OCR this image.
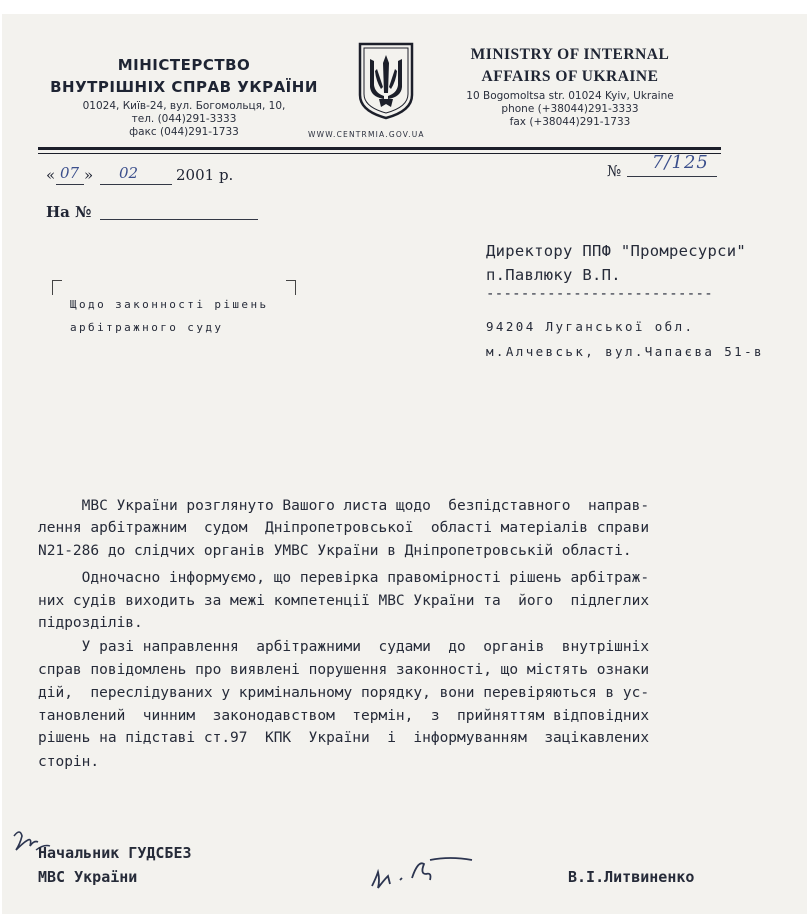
МІНІСТЕРСТВО
ВНУТРІШНІХ СПРАВ УКРАЇНИ
01024, Київ-24, вул. Богомольця, 10,
тел. (044)291-3333
факс (044)291-1733
MINISTRY OF INTERNAL
AFFAIRS OF UKRAINE
10 Bogomoltsa str. 01024 Kyiv, Ukraine
phone (+38044)291-3333
fax (+38044)291-1733
WWW.CENTRMIA.GOV.UA
« 07 » 02	2001 р.	№ 7/125
На №
Директору ППФ "Промресурси"
п.Павлюку В.П.
--------------------------
94204 Луганської обл.
м.Алчевськ, вул.Чапаєва 51-в
Щодо законності рішень
арбітражного суду
МВС України розглянуто Вашого листа щодо  безпідставного  направ-
лення арбітражним  судом  Дніпропетровської  області матеріалів справи
N21-286 до слідчих органів УМВС України в Дніпропетровській області.
Одночасно інформуємо, що перевірка правомірності рішень арбітраж-
них судів виходить за межі компетенції МВС України та  його  підлеглих
підрозділів.
У разі направлення  арбітражними  судами  до  органів  внутрішніх
справ повідомлень про виявлені порушення законності, що містять ознаки
дій,  переслідуваних у кримінальному порядку, вони перевіряються в ус-
тановлений  чинним  законодавством  термін,  з  прийняттям відповідних
рішень на підставі ст.97  КПК  України  і  інформуванням  зацікавлених
сторін.
Начальник ГУДСБЕЗ
МВС України	В.І.Литвиненко
